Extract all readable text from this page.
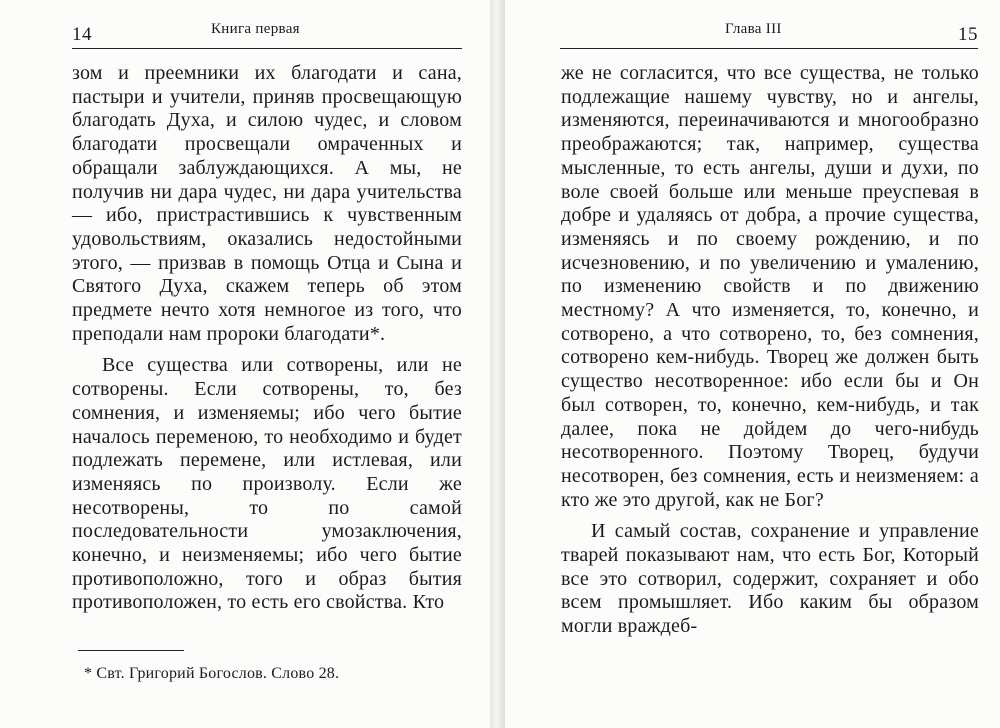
14	Книга первая

зом и преемники их благодати и сана, пастыри и учители, приняв просвещающую благодать Духа, и силою чудес, и словом благодати просвещали омраченных и обращали заблуждающихся. А мы, не получив ни дара чудес, ни дара учительства — ибо, пристрастившись к чувственным удовольствиям, оказались недостойными этого, — призвав в помощь Отца и Сына и Святого Духа, скажем теперь об этом предмете нечто хотя немногое из того, что преподали нам пророки благодати*.

Все существа или сотворены, или не сотворены. Если сотворены, то, без сомнения, и изменяемы; ибо чего бытие началось переменою, то необходимо и будет подлежать перемене, или истлевая, или изменяясь по произволу. Если же несотворены, то по самой последовательности умозаключения, конечно, и неизменяемы; ибо чего бытие противоположно, того и образ бытия противоположен, то есть его свойства. Кто

* Свт. Григорий Богослов. Слово 28.
Глава III	15

же не согласится, что все существа, не только подлежащие нашему чувству, но и ангелы, изменяются, переиначиваются и многообразно преображаются; так, например, существа мысленные, то есть ангелы, души и духи, по воле своей больше или меньше преуспевая в добре и удаляясь от добра, а прочие существа, изменяясь и по своему рождению, и по исчезновению, и по увеличению и умалению, по изменению свойств и по движению местному? А что изменяется, то, конечно, и сотворено, а что сотворено, то, без сомнения, сотворено кем-нибудь. Творец же должен быть существо несотворенное: ибо если бы и Он был сотворен, то, конечно, кем-нибудь, и так далее, пока не дойдем до чего-нибудь несотворенного. Поэтому Творец, будучи несотворен, без сомнения, есть и неизменяем: а кто же это другой, как не Бог?

И самый состав, сохранение и управление тварей показывают нам, что есть Бог, Который все это сотворил, содержит, сохраняет и обо всем промышляет. Ибо каким бы образом могли враждеб-
